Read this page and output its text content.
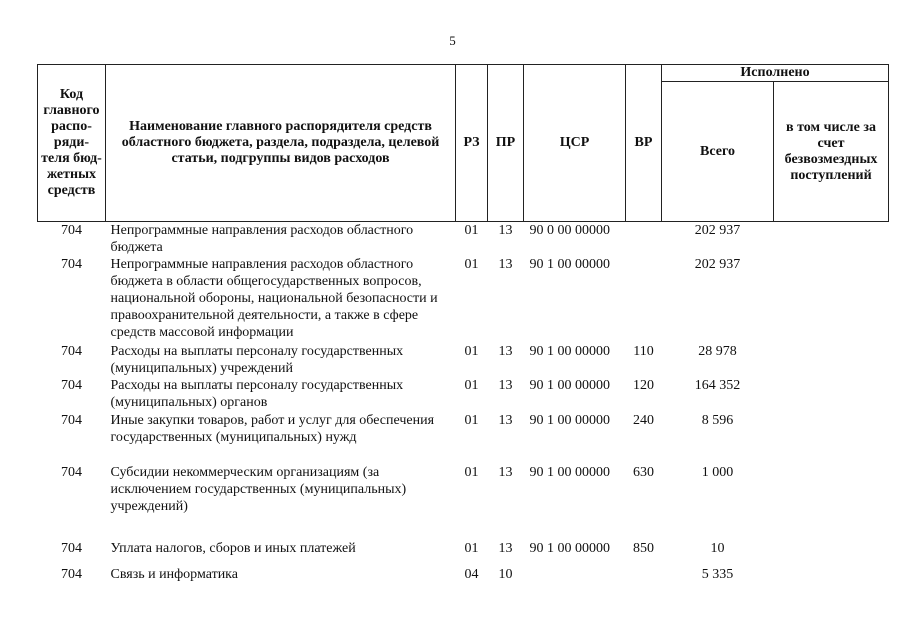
5
Код главного распо-ряди-теля бюд-жетных средств	Наименование главного распорядителя средств областного бюджета, раздела, подраздела, целевой статьи, подгруппы видов расходов	РЗ	ПР	ЦСР	ВР	Исполнено	
						Всего	в том числе за счет безвозмездных поступлений
704	Непрограммные направления расходов областного бюджета	01	13	90 0 00 00000		202 937	
704	Непрограммные направления расходов областного бюджета в области общегосударственных вопросов, национальной обороны, национальной безопасности и правоохранительной деятельности, а также в сфере средств массовой информации	01	13	90 1 00 00000		202 937	
704	Расходы на выплаты персоналу государственных (муниципальных) учреждений	01	13	90 1 00 00000	110	28 978	
704	Расходы на выплаты персоналу государственных (муниципальных) органов	01	13	90 1 00 00000	120	164 352	
704	Иные закупки товаров, работ и услуг для обеспечения государственных (муниципальных) нужд	01	13	90 1 00 00000	240	8 596	
704	Субсидии некоммерческим организациям (за исключением государственных (муниципальных) учреждений)	01	13	90 1 00 00000	630	1 000	
704	Уплата налогов, сборов и иных платежей	01	13	90 1 00 00000	850	10	
704	Связь и информатика	04	10			5 335	
